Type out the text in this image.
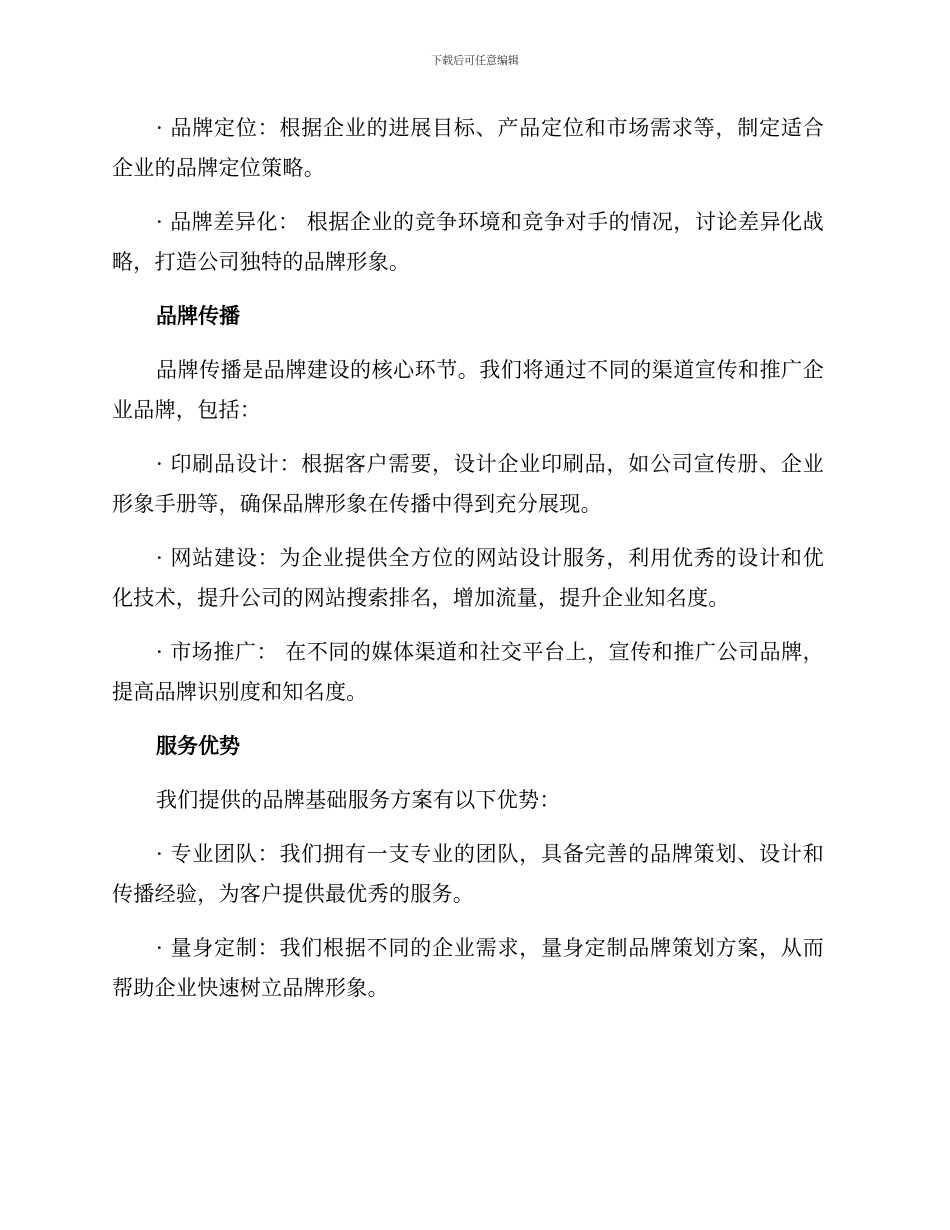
下载后可任意编辑

· 品牌定位：根据企业的进展目标、产品定位和市场需求等，制定适合企业的品牌定位策略。

· 品牌差异化： 根据企业的竞争环境和竞争对手的情况，讨论差异化战略，打造公司独特的品牌形象。

品牌传播

品牌传播是品牌建设的核心环节。我们将通过不同的渠道宣传和推广企业品牌，包括：

· 印刷品设计：根据客户需要，设计企业印刷品，如公司宣传册、企业形象手册等，确保品牌形象在传播中得到充分展现。

· 网站建设：为企业提供全方位的网站设计服务，利用优秀的设计和优化技术，提升公司的网站搜索排名，增加流量，提升企业知名度。

· 市场推广： 在不同的媒体渠道和社交平台上，宣传和推广公司品牌，提高品牌识别度和知名度。

服务优势

我们提供的品牌基础服务方案有以下优势：

· 专业团队：我们拥有一支专业的团队，具备完善的品牌策划、设计和传播经验，为客户提供最优秀的服务。

· 量身定制：我们根据不同的企业需求，量身定制品牌策划方案，从而帮助企业快速树立品牌形象。
